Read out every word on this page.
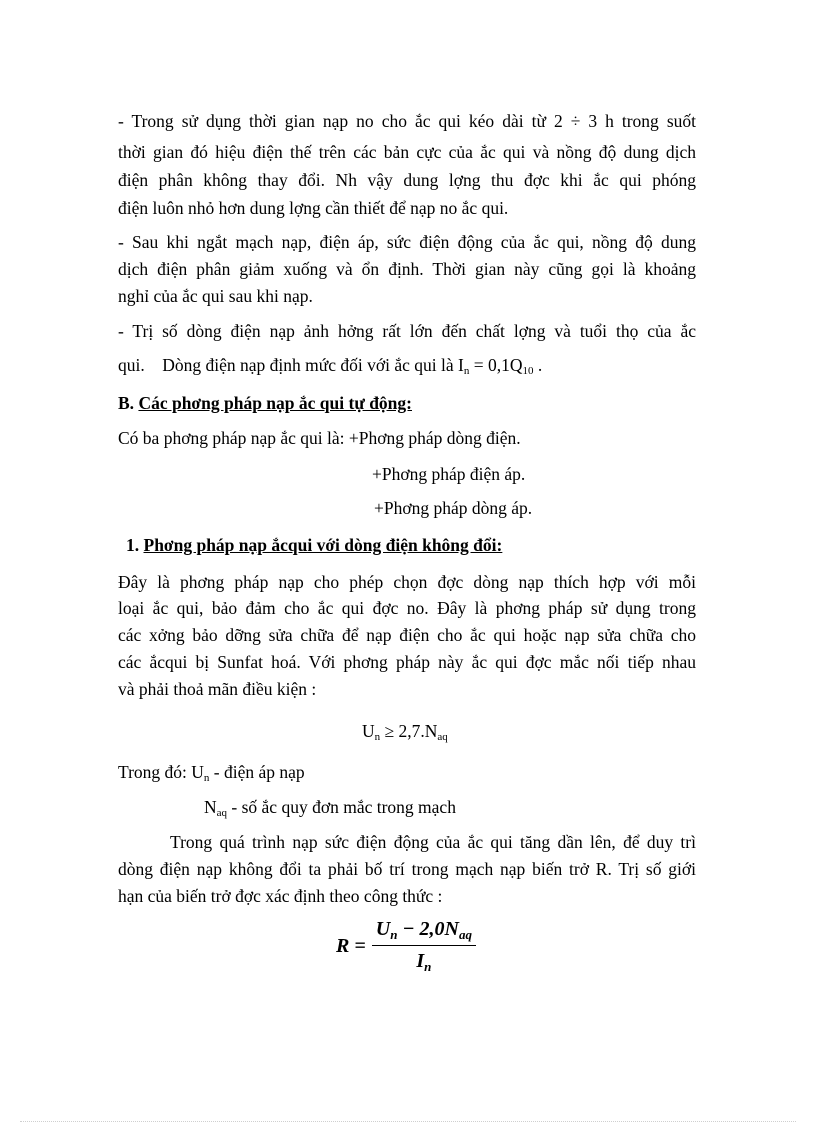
- Trong sử dụng thời gian nạp no cho ắc qui kéo dài từ 2 ÷ 3 h trong suốt
thời gian đó hiệu điện thế trên các bản cực của ắc qui và nồng độ dung dịch
điện phân không thay đổi. Nh vậy dung lợng thu đợc khi ắc qui phóng
điện luôn nhỏ hơn dung lợng cần thiết để nạp no ắc qui.
- Sau khi ngắt mạch nạp, điện áp, sức điện động của ắc qui, nồng độ dung
dịch điện phân giảm xuống và ổn định. Thời gian này cũng gọi là khoảng
nghỉ của ắc qui sau khi nạp.
- Trị số dòng điện nạp ảnh hởng rất lớn đến chất lợng và tuổi thọ của ắc
qui.    Dòng điện nạp định mức đối với ắc qui là $I_n = 0,1Q_{10}$ .
B. Các phơng pháp nạp ắc qui tự động:
Có ba phơng pháp nạp ắc qui là: +Phơng pháp dòng điện.
+Phơng pháp điện áp.
+Phơng pháp dòng áp.
1. Phơng pháp nạp ắcqui với dòng điện không đổi:
Đây là phơng pháp nạp cho phép chọn đợc dòng nạp thích hợp với mỗi
loại ắc qui, bảo đảm cho ắc qui đợc no. Đây là phơng pháp sử dụng trong
các xởng bảo dỡng sửa chữa để nạp điện cho ắc qui hoặc nạp sửa chữa cho
các ắcqui bị Sunfat hoá. Với phơng pháp này ắc qui đợc mắc nối tiếp nhau
và phải thoả mãn điều kiện :
$U_n \ge 2,7.N_{aq}$
Trong đó: $U_n$ - điện áp nạp
$N_{aq}$ - số ắc quy đơn mắc trong mạch
Trong quá trình nạp sức điện động của ắc qui tăng dần lên, để duy trì
dòng điện nạp không đổi ta phải bố trí trong mạch nạp biến trở R. Trị số giới
hạn của biến trở đợc xác định theo công thức :
$R = \frac{U_n - 2,0N_{aq}}{I_n}$
